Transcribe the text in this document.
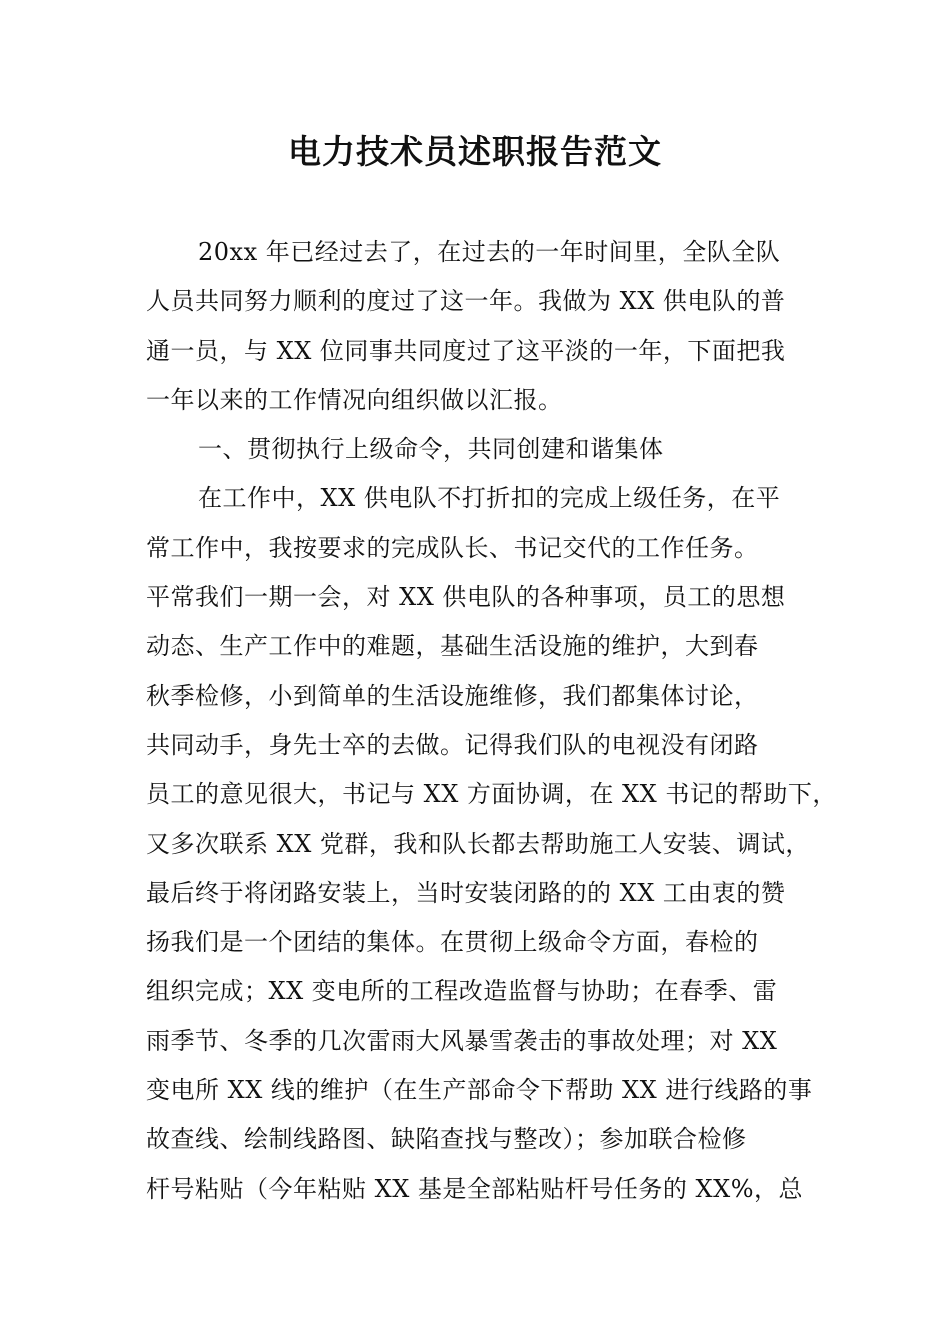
电力技术员述职报告范文
20xx 年已经过去了，在过去的一年时间里，全队全队
人员共同努力顺利的度过了这一年。我做为 XX 供电队的普
通一员，与 XX 位同事共同度过了这平淡的一年，下面把我
一年以来的工作情况向组织做以汇报。
一、贯彻执行上级命令，共同创建和谐集体
在工作中，XX 供电队不打折扣的完成上级任务，在平
常工作中，我按要求的完成队长、书记交代的工作任务。
平常我们一期一会，对 XX 供电队的各种事项，员工的思想
动态、生产工作中的难题，基础生活设施的维护，大到春
秋季检修，小到简单的生活设施维修，我们都集体讨论，
共同动手，身先士卒的去做。记得我们队的电视没有闭路
员工的意见很大，书记与 XX 方面协调，在 XX 书记的帮助下，
又多次联系 XX 党群，我和队长都去帮助施工人安装、调试，
最后终于将闭路安装上，当时安装闭路的的 XX 工由衷的赞
扬我们是一个团结的集体。在贯彻上级命令方面，春检的
组织完成；XX 变电所的工程改造监督与协助；在春季、雷
雨季节、冬季的几次雷雨大风暴雪袭击的事故处理；对 XX
变电所 XX 线的维护（在生产部命令下帮助 XX 进行线路的事
故查线、绘制线路图、缺陷查找与整改）；参加联合检修
杆号粘贴（今年粘贴 XX 基是全部粘贴杆号任务的 XX%，总
